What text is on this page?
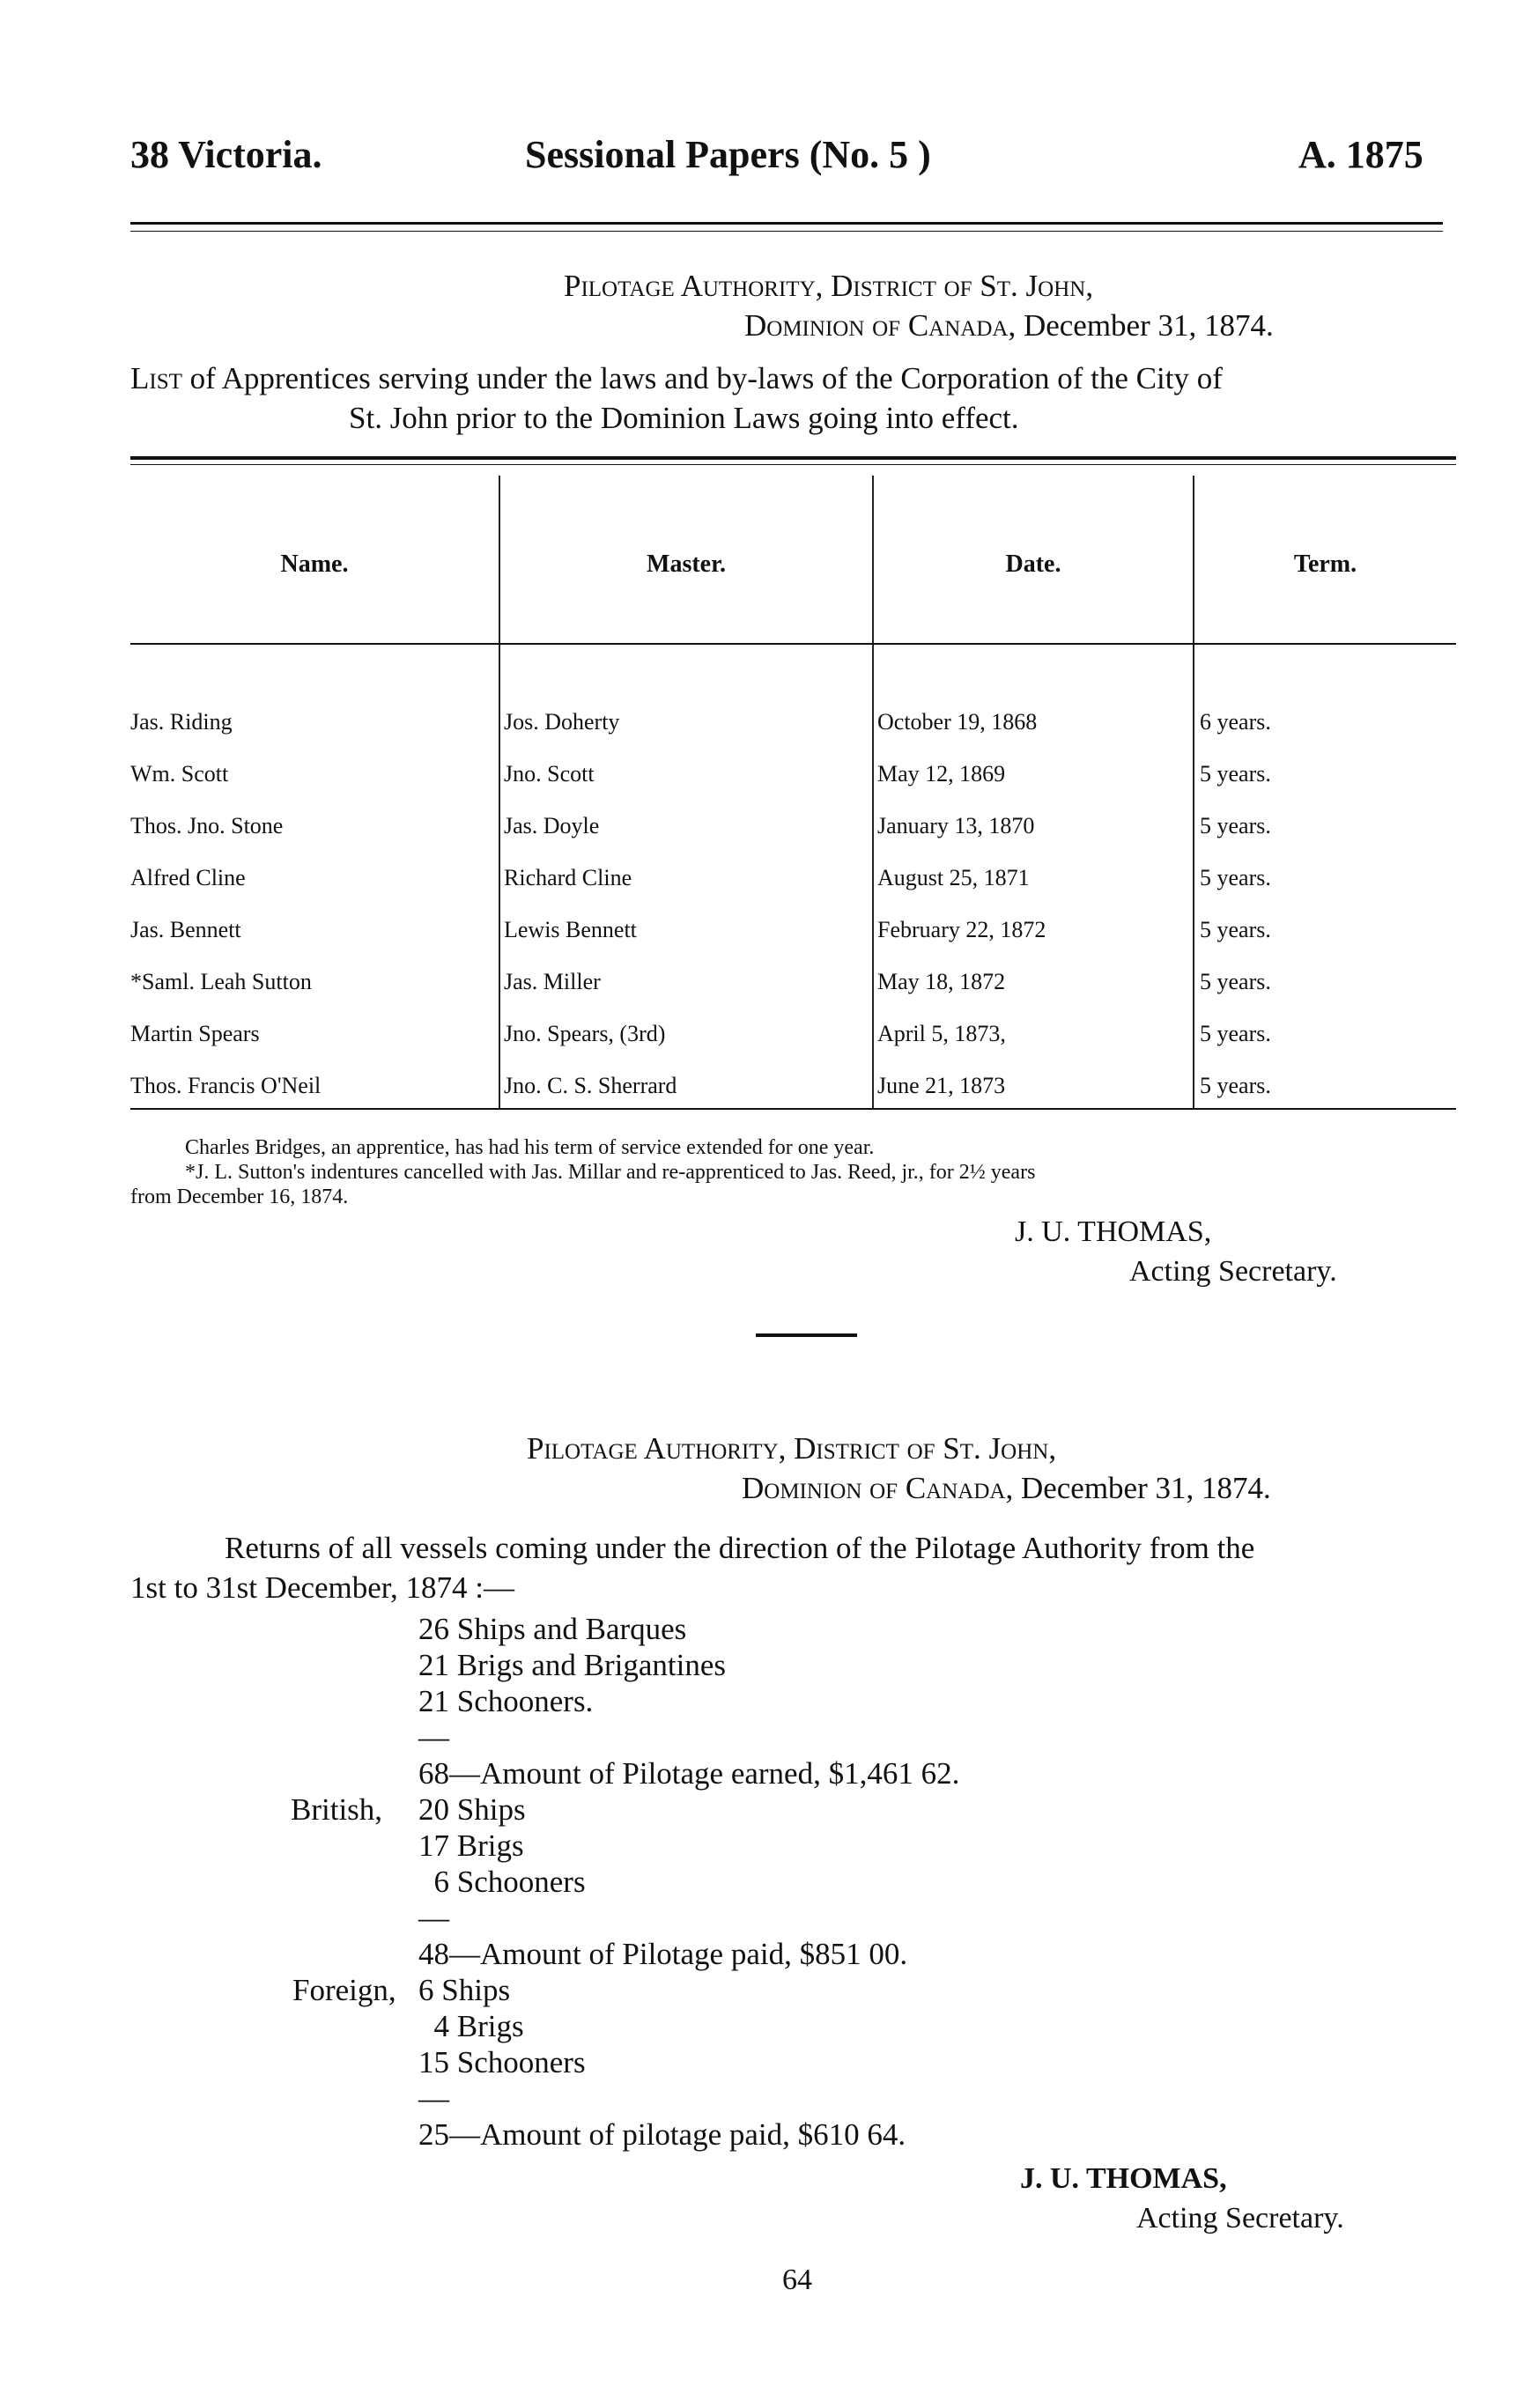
38 Victoria.	Sessional Papers (No. 5 )	A. 1875
Pilotage Authority, District of St. John,
Dominion of Canada, December 31, 1874.
List of Apprentices serving under the laws and by-laws of the Corporation of the City of
St. John prior to the Dominion Laws going into effect.
Name.	Master.	Date.	Term.
Jas. Riding	Jos. Doherty	October 19, 1868	6 years.
Wm. Scott	Jno. Scott	May 12, 1869	5 years.
Thos. Jno. Stone	Jas. Doyle	January 13, 1870	5 years.
Alfred Cline	Richard Cline	August 25, 1871	5 years.
Jas. Bennett	Lewis Bennett	February 22, 1872	5 years.
*Saml. Leah Sutton	Jas. Miller	May 18, 1872	5 years.
Martin Spears	Jno. Spears, (3rd)	April 5, 1873,	5 years.
Thos. Francis O'Neil	Jno. C. S. Sherrard	June 21, 1873	5 years.
Charles Bridges, an apprentice, has had his term of service extended for one year.
*J. L. Sutton's indentures cancelled with Jas. Millar and re-apprenticed to Jas. Reed, jr., for 2½ years
from December 16, 1874.
J. U. THOMAS,
Acting Secretary.
Pilotage Authority, District of St. John,
Dominion of Canada, December 31, 1874.
Returns of all vessels coming under the direction of the Pilotage Authority from the
1st to 31st December, 1874 :—
26 Ships and Barques
21 Brigs and Brigantines
21 Schooners.
—
68—Amount of Pilotage earned, $1,461 62.
British, 20 Ships
17 Brigs
6 Schooners
—
48—Amount of Pilotage paid, $851 00.
Foreign, 6 Ships
4 Brigs
15 Schooners
—
25—Amount of pilotage paid, $610 64.
J. U. THOMAS,
Acting Secretary.
64
